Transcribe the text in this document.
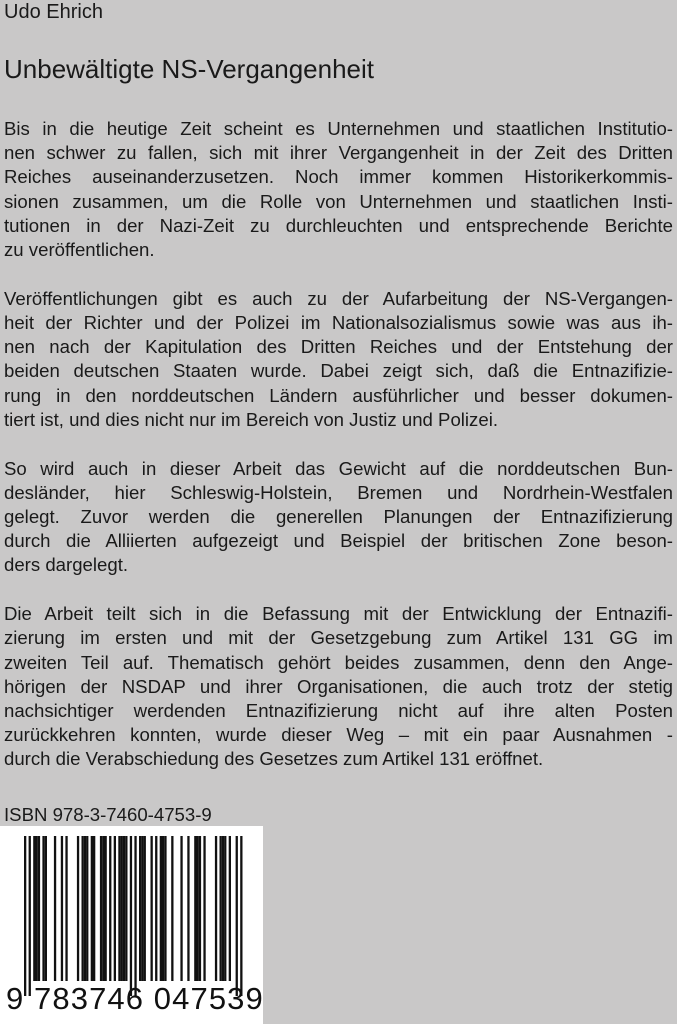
Udo Ehrich
Unbewältigte NS-Vergangenheit

Bis in die heutige Zeit scheint es Unternehmen und staatlichen Institutio-
nen schwer zu fallen, sich mit ihrer Vergangenheit in der Zeit des Dritten
Reiches auseinanderzusetzen. Noch immer kommen Historikerkommis-
sionen zusammen, um die Rolle von Unternehmen und staatlichen Insti-
tutionen in der Nazi-Zeit zu durchleuchten und entsprechende Berichte
zu veröffentlichen.

Veröffentlichungen gibt es auch zu der Aufarbeitung der NS-Vergangen-
heit der Richter und der Polizei im Nationalsozialismus sowie was aus ih-
nen nach der Kapitulation des Dritten Reiches und der Entstehung der
beiden deutschen Staaten wurde. Dabei zeigt sich, daß die Entnazifizie-
rung in den norddeutschen Ländern ausführlicher und besser dokumen-
tiert ist, und dies nicht nur im Bereich von Justiz und Polizei.

So wird auch in dieser Arbeit das Gewicht auf die norddeutschen Bun-
desländer, hier Schleswig-Holstein, Bremen und Nordrhein-Westfalen
gelegt. Zuvor werden die generellen Planungen der Entnazifizierung
durch die Alliierten aufgezeigt und Beispiel der britischen Zone beson-
ders dargelegt.

Die Arbeit teilt sich in die Befassung mit der Entwicklung der Entnazifi-
zierung im ersten und mit der Gesetzgebung zum Artikel 131 GG im
zweiten Teil auf. Thematisch gehört beides zusammen, denn den Ange-
hörigen der NSDAP und ihrer Organisationen, die auch trotz der stetig
nachsichtiger werdenden Entnazifizierung nicht auf ihre alten Posten
zurückkehren konnten, wurde dieser Weg – mit ein paar Ausnahmen -
durch die Verabschiedung des Gesetzes zum Artikel 131 eröffnet.

ISBN 978-3-7460-4753-9
9 783746 047539
